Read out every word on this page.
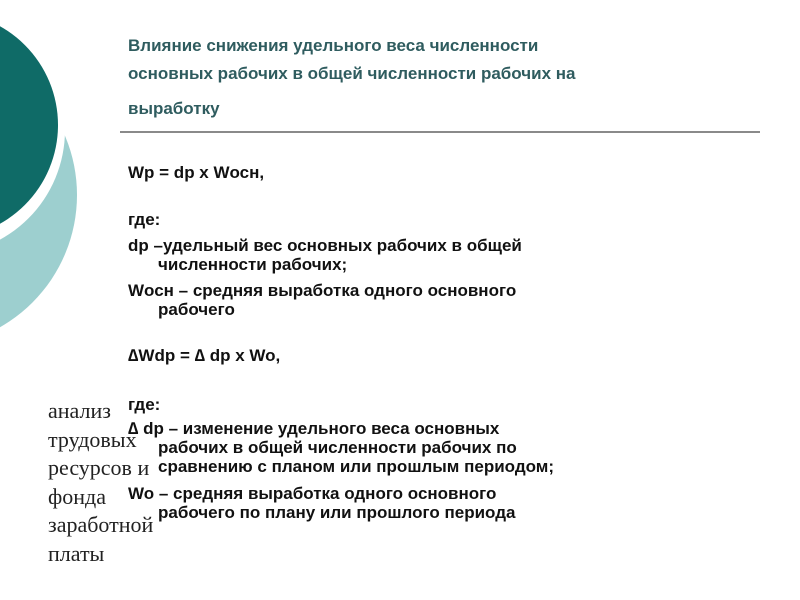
Влияние снижения удельного веса численности
основных рабочих в общей численности рабочих на
выработку

Wp = dp x Wосн,

где:

dp –удельный вес основных рабочих в общей
численности рабочих;

Wосн – средняя выработка одного основного
рабочего

∆Wdp = ∆ dp x Wo,

где:

∆ dp – изменение удельного веса основных
рабочих в общей численности рабочих по
сравнению с планом или прошлым периодом;

Wo – средняя выработка одного основного
рабочего по плану или прошлого периода

анализ
трудовых
ресурсов и
фонда
заработной
платы
